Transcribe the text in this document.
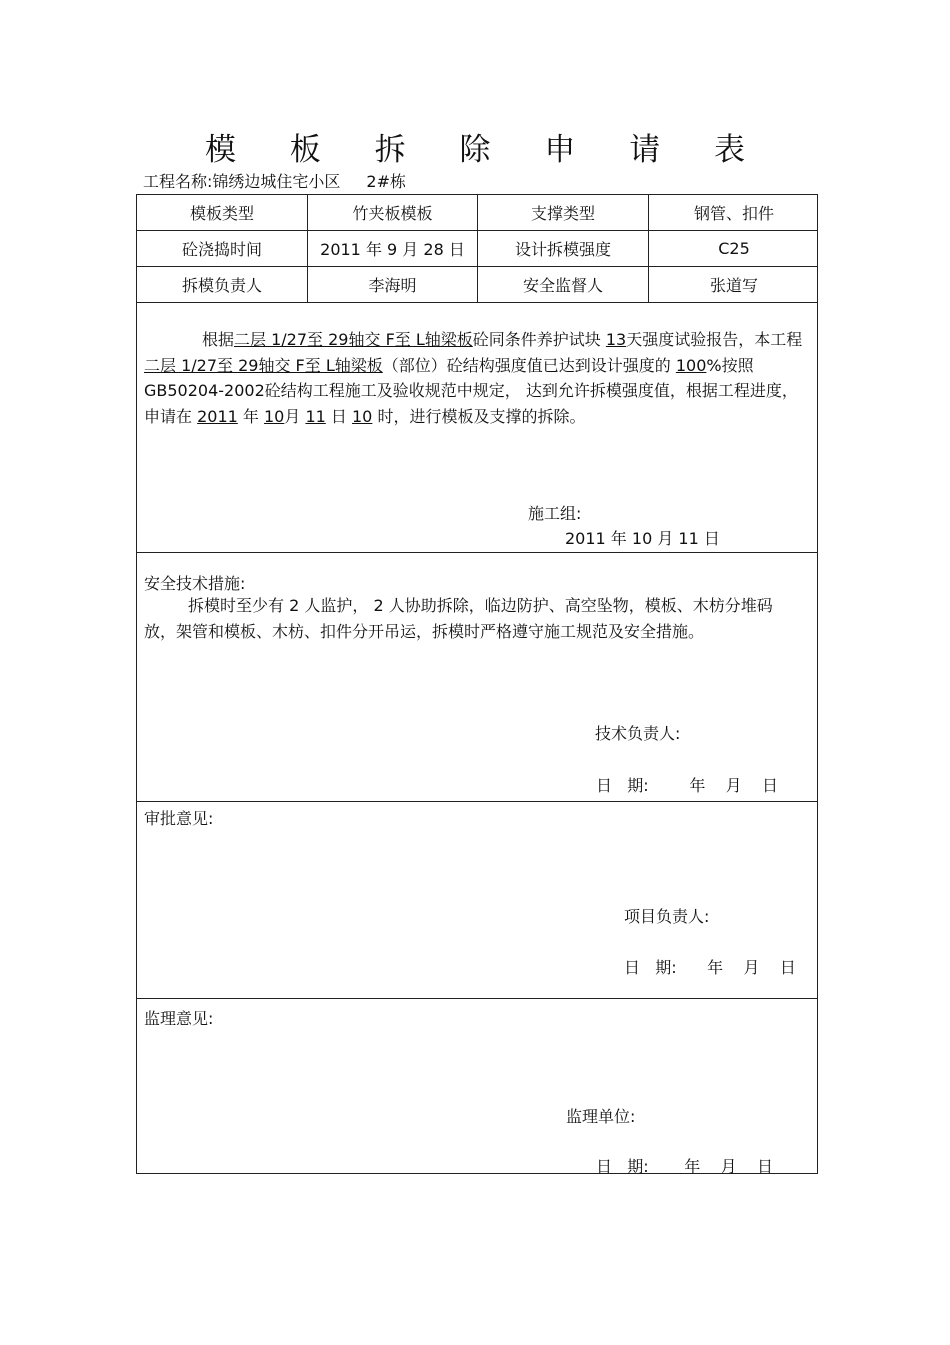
模 板 拆 除 申 请 表
工程名称:锦绣边城住宅小区 2#栋
模板类型	竹夹板模板	支撑类型	钢管、扣件
砼浇捣时间	2011 年 9 月 28 日	设计拆模强度	C25
拆模负责人	李海明	安全监督人	张道写
根据二层 1/27至 29轴交 F至 L轴梁板砼同条件养护试块 13天强度试验报告，本工程二层 1/27至 29轴交 F至 L轴梁板（部位）砼结构强度值已达到设计强度的 100%按照 GB50204-2002砼结构工程施工及验收规范中规定， 达到允许拆模强度值，根据工程进度，申请在 2011 年 10月 11 日 10 时，进行模板及支撑的拆除。
施工组:
2011 年 10 月 11 日
安全技术措施:
拆模时至少有 2 人监护， 2 人协助拆除，临边防护、高空坠物，模板、木枋分堆码放，架管和模板、木枋、扣件分开吊运，拆模时严格遵守施工规范及安全措施。
技术负责人:
日   期:        年    月    日
审批意见:
项目负责人:
日   期:      年    月    日
监理意见:
监理单位:
日   期:       年    月    日
